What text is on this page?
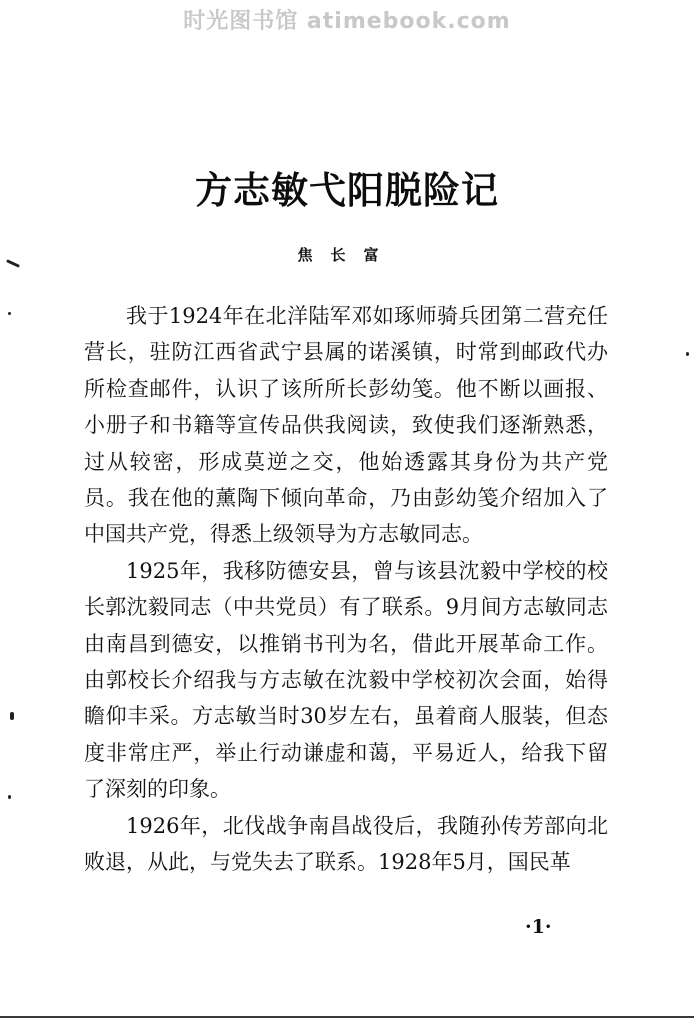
时光图书馆 atimebook.com
方志敏弋阳脱险记
焦长富

我于1924年在北洋陆军邓如琢师骑兵团第二营充任营长，驻防江西省武宁县属的诺溪镇，时常到邮政代办所检查邮件，认识了该所所长彭幼笺。他不断以画报、小册子和书籍等宣传品供我阅读，致使我们逐渐熟悉，过从较密，形成莫逆之交，他始透露其身份为共产党员。我在他的薰陶下倾向革命，乃由彭幼笺介绍加入了中国共产党，得悉上级领导为方志敏同志。

1925年，我移防德安县，曾与该县沈毅中学校的校长郭沈毅同志（中共党员）有了联系。9月间方志敏同志由南昌到德安，以推销书刊为名，借此开展革命工作。由郭校长介绍我与方志敏在沈毅中学校初次会面，始得瞻仰丰采。方志敏当时30岁左右，虽着商人服装，但态度非常庄严，举止行动谦虚和蔼，平易近人，给我下留了深刻的印象。

1926年，北伐战争南昌战役后，我随孙传芳部向北败退，从此，与党失去了联系。1928年5月，国民革

·1·
